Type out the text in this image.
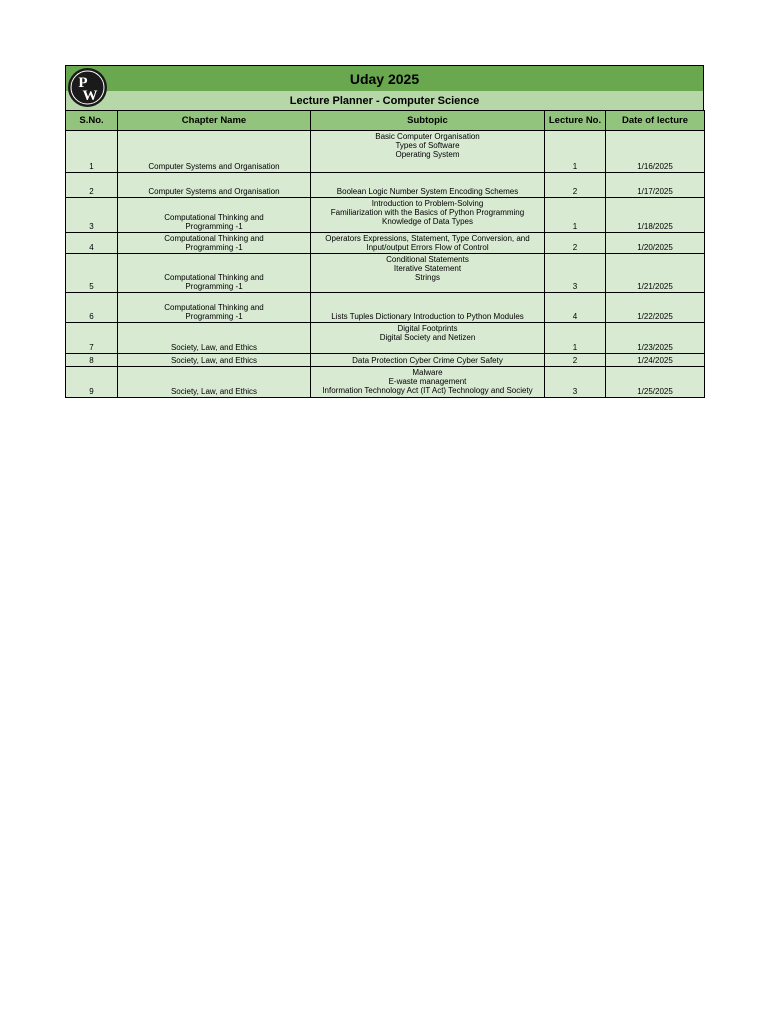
P
W
Uday 2025
Lecture Planner - Computer Science
S.No.	Chapter Name	Subtopic	Lecture No.	Date of lecture
1	Computer Systems and Organisation	Basic Computer Organisation
Types of Software
Operating System	1	1/16/2025
2	Computer Systems and Organisation	Boolean Logic Number System Encoding Schemes	2	1/17/2025
3	Computational Thinking and
Programming -1	Introduction to Problem-Solving
Familiarization with the Basics of Python Programming
Knowledge of Data Types	1	1/18/2025
4	Computational Thinking and
Programming -1	Operators Expressions, Statement, Type Conversion, and
Input/output Errors Flow of Control	2	1/20/2025
5	Computational Thinking and
Programming -1	Conditional Statements
Iterative Statement
Strings	3	1/21/2025
6	Computational Thinking and
Programming -1	Lists Tuples Dictionary Introduction to Python Modules	4	1/22/2025
7	Society, Law, and Ethics	Digital Footprints
Digital Society and Netizen	1	1/23/2025
8	Society, Law, and Ethics	Data Protection Cyber Crime Cyber Safety	2	1/24/2025
9	Society, Law, and Ethics	Malware
E-waste management
Information Technology Act (IT Act) Technology and Society	3	1/25/2025
